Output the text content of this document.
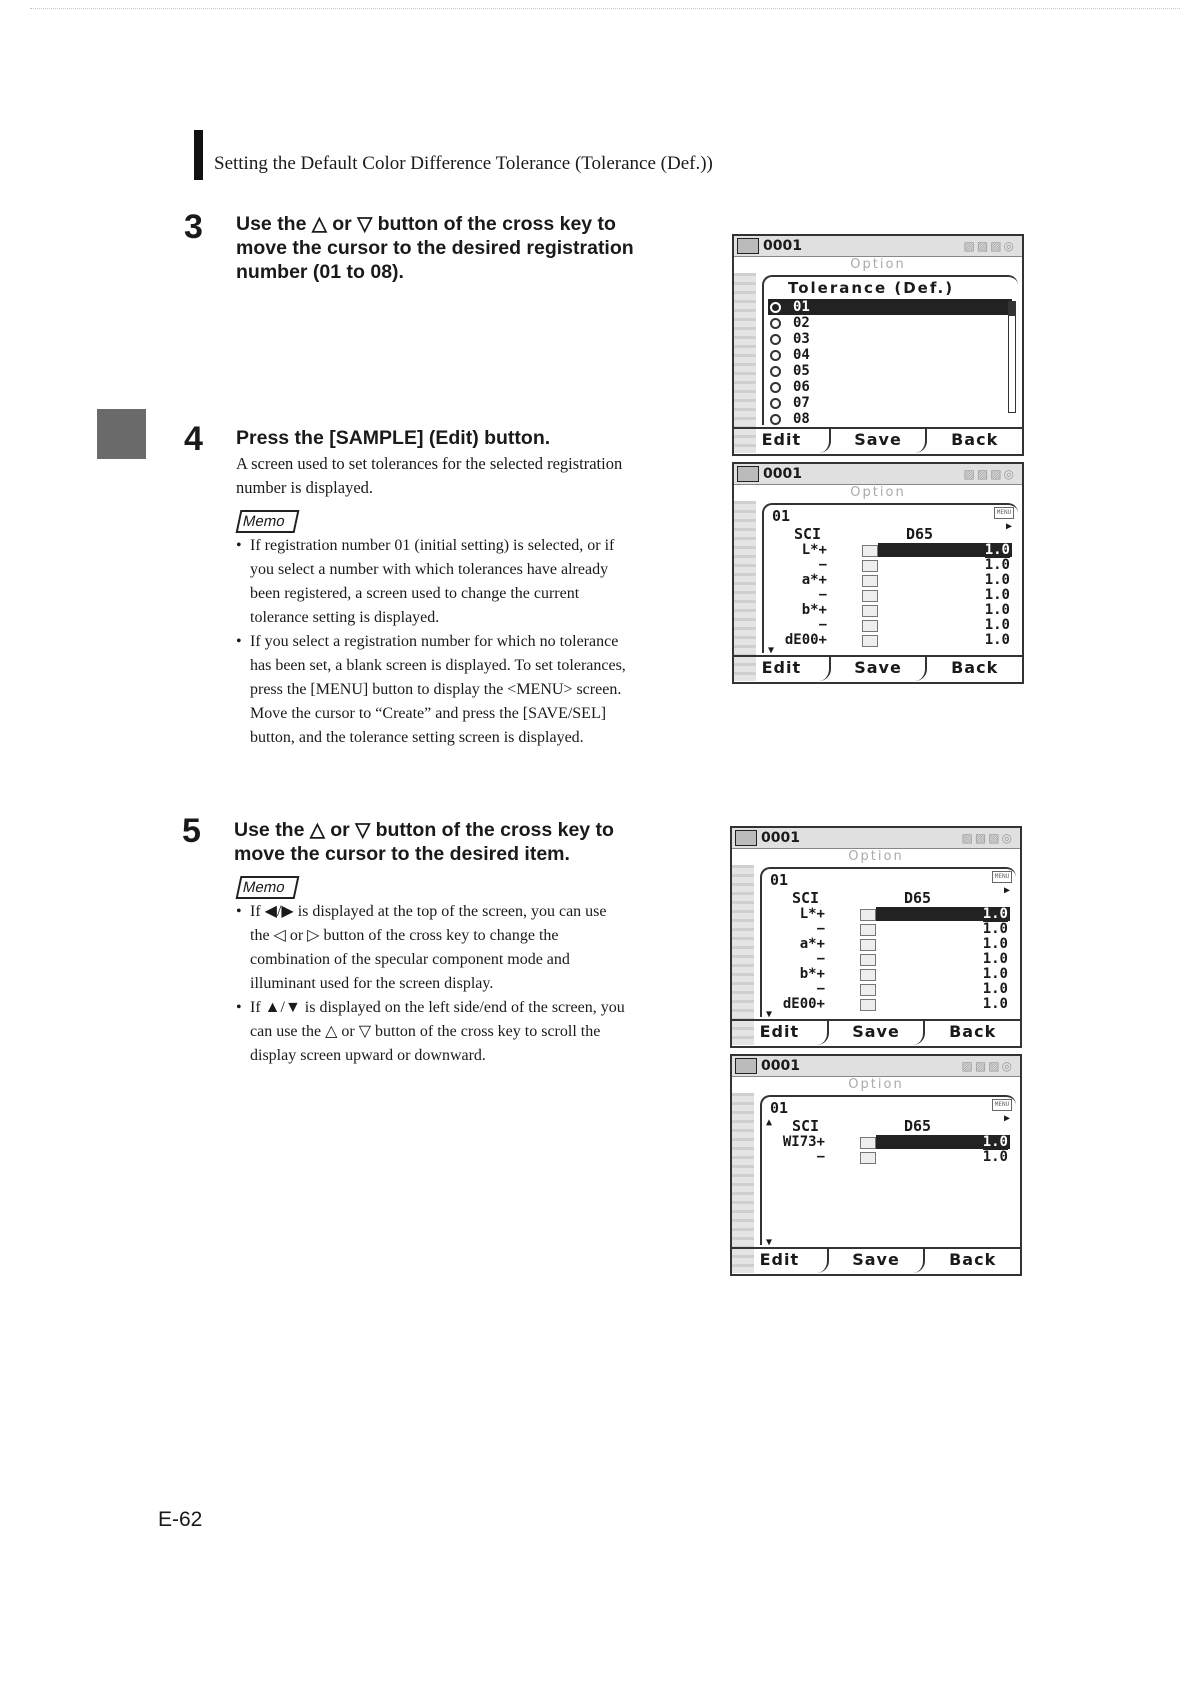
Setting the Default Color Difference Tolerance (Tolerance (Def.))
3 Use the △ or ▽ button of the cross key to
move the cursor to the desired registration
number (01 to 08).
4 Press the [SAMPLE] (Edit) button.
A screen used to set tolerances for the selected registration
number is displayed.
Memo
• If registration number 01 (initial setting) is selected, or if
you select a number with which tolerances have already
been registered, a screen used to change the current
tolerance setting is displayed.
• If you select a registration number for which no tolerance
has been set, a blank screen is displayed. To set tolerances,
press the [MENU] button to display the <MENU> screen.
Move the cursor to “Create” and press the [SAVE/SEL]
button, and the tolerance setting screen is displayed.
5 Use the △ or ▽ button of the cross key to
move the cursor to the desired item.
Memo
• If ◀/▶ is displayed at the top of the screen, you can use
the ◁ or ▷ button of the cross key to change the
combination of the specular component mode and
illuminant used for the screen display.
• If ▲/▼ is displayed on the left side/end of the screen, you
can use the △ or ▽ button of the cross key to scroll the
display screen upward or downward.
0001	▨▨▨◎
Option
Tolerance (Def.)
01
02
03
04
05
06
07
08
Edit	Save	Back
0001	▨▨▨◎
Option
01	MENU
▶
SCI	D65
L*+	1.0
−	1.0
a*+	1.0
−	1.0
b*+	1.0
−	1.0
dE00+	1.0
▼
Edit	Save	Back
0001	▨▨▨◎
Option
01	MENU
▶
SCI	D65
L*+	1.0
−	1.0
a*+	1.0
−	1.0
b*+	1.0
−	1.0
dE00+	1.0
▼
Edit	Save	Back
0001	▨▨▨◎
Option
01	MENU
▶
▲ SCI	D65
WI73+	1.0
−	1.0
▼
Edit	Save	Back
E-62
